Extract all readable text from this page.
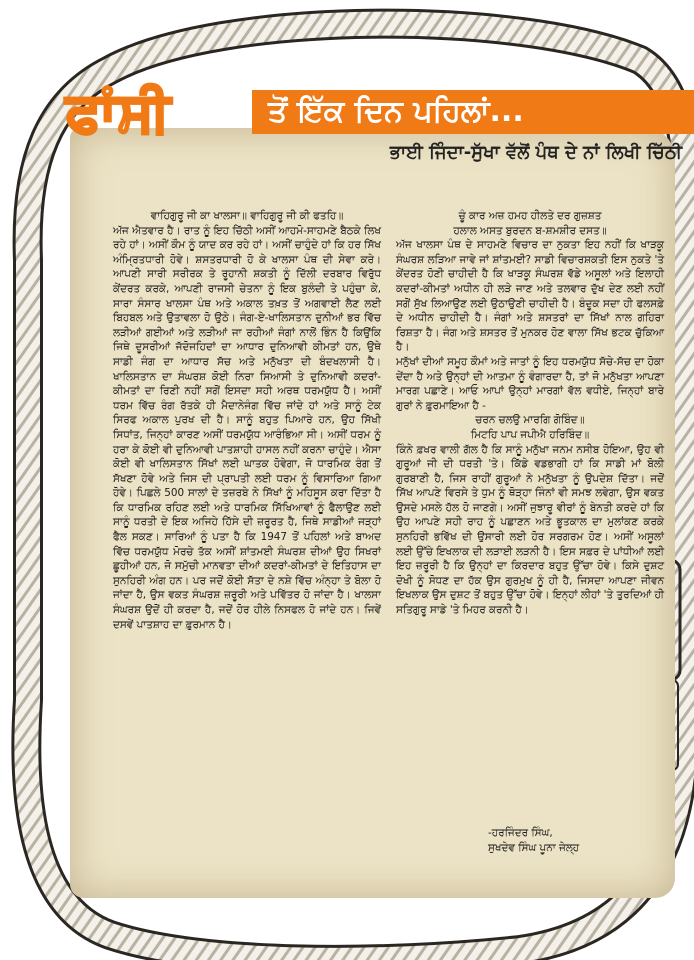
ਫਾਂਸੀ	ਤੋਂ ਇੱਕ ਦਿਨ ਪਹਿਲਾਂ...
ਭਾਈ ਜਿੰਦਾ-ਸੁੱਖਾ ਵੱਲੋਂ ਪੰਥ ਦੇ ਨਾਂ ਲਿਖੀ ਚਿੱਠੀ

ਵਾਹਿਗੁਰੂ ਜੀ ਕਾ ਖਾਲਸਾ॥ ਵਾਹਿਗੁਰੂ ਜੀ ਕੀ ਫਤਹਿ॥

ਅੱਜ ਐਤਵਾਰ ਹੈ। ਰਾਤ ਨੂੰ ਇਹ ਚਿੱਠੀ ਅਸੀਂ ਆਹਮੋ-ਸਾਹਮਣੇ ਬੈਠਕੇ ਲਿਖ ਰਹੇ ਹਾਂ। ਅਸੀਂ ਕੌਮ ਨੂੰ ਯਾਦ ਕਰ ਰਹੇ ਹਾਂ। ਅਸੀਂ ਚਾਹੁੰਦੇ ਹਾਂ ਕਿ ਹਰ ਸਿੱਖ ਅੰਮ੍ਰਿਤਧਾਰੀ ਹੋਵੇ। ਸ਼ਸਤਰਧਾਰੀ ਹੋ ਕੇ ਖਾਲਸਾ ਪੰਥ ਦੀ ਸੇਵਾ ਕਰੇ। ਆਪਣੀ ਸਾਰੀ ਸਰੀਰਕ ਤੇ ਰੂਹਾਨੀ ਸ਼ਕਤੀ ਨੂੰ ਦਿੱਲੀ ਦਰਬਾਰ ਵਿਰੁੱਧ ਕੇਂਦਰਤ ਕਰਕੇ, ਆਪਣੀ ਰਾਜਸੀ ਚੇਤਨਾ ਨੂੰ ਇਕ ਬੁਲੰਦੀ ਤੇ ਪਹੁੰਚਾ ਕੇ, ਸਾਰਾ ਸੰਸਾਰ ਖਾਲਸਾ ਪੰਥ ਅਤੇ ਅਕਾਲ ਤਖ਼ਤ ਤੋਂ ਅਗਵਾਈ ਲੈਣ ਲਈ ਬਿਹਬਲ ਅਤੇ ਉਤਾਵਲਾ ਹੋ ਉਠੇ। ਜੰਗ-ਏ-ਖਾਲਿਸਤਾਨ ਦੁਨੀਆਂ ਭਰ ਵਿੱਚ ਲੜੀਆਂ ਗਈਆਂ ਅਤੇ ਲੜੀਆਂ ਜਾ ਰਹੀਆਂ ਜੰਗਾਂ ਨਾਲੋਂ ਭਿੰਨ ਹੈ ਕਿਉਂਕਿ ਜਿਥੇ ਦੂਸਰੀਆਂ ਜੱਦੋਜਹਿਦਾਂ ਦਾ ਆਧਾਰ ਦੁਨਿਆਵੀ ਕੀਮਤਾਂ ਹਨ, ਉਥੇ ਸਾਡੀ ਜੰਗ ਦਾ ਆਧਾਰ ਸੱਚ ਅਤੇ ਮਨੁੱਖਤਾ ਦੀ ਬੰਦਖਲਾਸੀ ਹੈ। ਖਾਲਿਸਤਾਨ ਦਾ ਸੰਘਰਸ਼ ਕੋਈ ਨਿਰਾ ਸਿਆਸੀ ਤੇ ਦੁਨਿਆਵੀ ਕਦਰਾਂ-ਕੀਮਤਾਂ ਦਾ ਰਿਣੀ ਨਹੀਂ ਸਗੋਂ ਇਸਦਾ ਸਹੀ ਅਰਥ ਧਰਮਯੁੱਧ ਹੈ। ਅਸੀਂ ਧਰਮ ਵਿੱਚ ਰੰਗ ਰੱਤਕੇ ਹੀ ਮੈਦਾਨੇਜੰਗ ਵਿੱਚ ਜਾਂਦੇ ਹਾਂ ਅਤੇ ਸਾਨੂੰ ਟੇਕ ਸਿਰਫ ਅਕਾਲ ਪੁਰਖ ਦੀ ਹੈ। ਸਾਨੂੰ ਬਹੁਤ ਪਿਆਰੇ ਹਨ, ਉਹ ਸਿੱਖੀ ਸਿਧਾਂਤ, ਜਿਨ੍ਹਾਂ ਕਾਰਣ ਅਸੀਂ ਧਰਮਯੁੱਧ ਆਰੰਭਿਆ ਸੀ। ਅਸੀਂ ਧਰਮ ਨੂੰ ਹਰਾ ਕੇ ਕੋਈ ਵੀ ਦੁਨਿਆਵੀ ਪਾਤਸ਼ਾਹੀ ਹਾਸਲ ਨਹੀਂ ਕਰਨਾ ਚਾਹੁੰਦੇ। ਐਸਾ ਕੋਈ ਵੀ ਖਾਲਿਸਤਾਨ ਸਿੱਖਾਂ ਲਈ ਘਾਤਕ ਹੋਵੇਗਾ, ਜੋ ਧਾਰਮਿਕ ਰੰਗ ਤੋਂ ਸੱਖਣਾ ਹੋਵੇ ਅਤੇ ਜਿਸ ਦੀ ਪ੍ਰਾਪਤੀ ਲਈ ਧਰਮ ਨੂੰ ਵਿਸਾਰਿਆ ਗਿਆ ਹੋਵੇ। ਪਿਛਲੇ 500 ਸਾਲਾਂ ਦੇ ਤਜ਼ਰਬੇ ਨੇ ਸਿੱਖਾਂ ਨੂੰ ਮਹਿਸੂਸ ਕਰਾ ਦਿੱਤਾ ਹੈ ਕਿ ਧਾਰਮਿਕ ਰਹਿਣ ਲਈ ਅਤੇ ਧਾਰਮਿਕ ਸਿੱਖਿਆਵਾਂ ਨੂੰ ਫੈਲਾਉਣ ਲਈ ਸਾਨੂੰ ਧਰਤੀ ਦੇ ਇਕ ਅਜਿਹੇ ਹਿੱਸੇ ਦੀ ਜ਼ਰੂਰਤ ਹੈ, ਜਿਥੇ ਸਾਡੀਆਂ ਜੜ੍ਹਾਂ ਫੈਲ ਸਕਣ। ਸਾਰਿਆਂ ਨੂੰ ਪਤਾ ਹੈ ਕਿ 1947 ਤੋਂ ਪਹਿਲਾਂ ਅਤੇ ਬਾਅਦ ਵਿੱਚ ਧਰਮਯੁੱਧ ਮੋਰਚੇ ਤੱਕ ਅਸੀਂ ਸ਼ਾਂਤਮਈ ਸੰਘਰਸ਼ ਦੀਆਂ ਉਹ ਸਿਖਰਾਂ ਛੂਹੀਆਂ ਹਨ, ਜੋ ਸਮੁੱਚੀ ਮਾਨਵਤਾ ਦੀਆਂ ਕਦਰਾਂ-ਕੀਮਤਾਂ ਦੇ ਇਤਿਹਾਸ ਦਾ ਸੁਨਹਿਰੀ ਅੰਗ ਹਨ। ਪਰ ਜਦੋਂ ਕੋਈ ਸੱਤਾ ਦੇ ਨਸ਼ੇ ਵਿੱਚ ਅੰਨ੍ਹਾ ਤੇ ਬੋਲਾ ਹੋ ਜਾਂਦਾ ਹੈ, ਉਸ ਵਕਤ ਸੰਘਰਸ਼ ਜ਼ਰੂਰੀ ਅਤੇ ਪਵਿੱਤਰ ਹੋ ਜਾਂਦਾ ਹੈ। ਖਾਲਸਾ ਸੰਘਰਸ਼ ਉਦੋਂ ਹੀ ਕਰਦਾ ਹੈ, ਜਦੋਂ ਹੋਰ ਹੀਲੇ ਨਿਸਫਲ ਹੋ ਜਾਂਦੇ ਹਨ। ਜਿਵੇਂ ਦਸਵੇਂ ਪਾਤਸ਼ਾਹ ਦਾ ਫ਼ੁਰਮਾਨ ਹੈ।

ਚੂੰ ਕਾਰ ਅਜ਼ ਹਮਹ ਹੀਲਤੇ ਦਰ ਗੁਜ਼ਸ਼ਤ

ਹਲਾਲ ਅਸਤ ਬੁਰਦਨ ਬ-ਸ਼ਮਸ਼ੀਰ ਦਸਤ॥

ਅੱਜ ਖਾਲਸਾ ਪੰਥ ਦੇ ਸਾਹਮਣੇ ਵਿਚਾਰ ਦਾ ਨੁਕਤਾ ਇਹ ਨਹੀਂ ਕਿ ਖਾੜਕੂ ਸੰਘਰਸ਼ ਲੜਿਆ ਜਾਵੇ ਜਾਂ ਸ਼ਾਂਤਮਈ? ਸਾਡੀ ਵਿਚਾਰਸ਼ਕਤੀ ਇਸ ਨੁਕਤੇ 'ਤੇ ਕੇਂਦਰਤ ਹੋਣੀ ਚਾਹੀਦੀ ਹੈ ਕਿ ਖਾੜਕੂ ਸੰਘਰਸ਼ ਵੱਡੇ ਅਸੂਲਾਂ ਅਤੇ ਇਲਾਹੀ ਕਦਰਾਂ-ਕੀਮਤਾਂ ਅਧੀਨ ਹੀ ਲੜੇ ਜਾਣ ਅਤੇ ਤਲਵਾਰ ਦੁੱਖ ਦੇਣ ਲਈ ਨਹੀਂ ਸਗੋਂ ਸੁੱਖ ਲਿਆਉਣ ਲਈ ਉਠਾਉਣੀ ਚਾਹੀਦੀ ਹੈ। ਬੰਦੂਕ ਸਦਾ ਹੀ ਫਲਸਫ਼ੇ ਦੇ ਅਧੀਨ ਚਾਹੀਦੀ ਹੈ। ਜੰਗਾਂ ਅਤੇ ਸ਼ਸਤਰਾਂ ਦਾ ਸਿੱਖਾਂ ਨਾਲ ਗਹਿਰਾ ਰਿਸ਼ਤਾ ਹੈ। ਜੰਗ ਅਤੇ ਸ਼ਸਤਰ ਤੋਂ ਮੁਨਕਰ ਹੋਣ ਵਾਲਾ ਸਿੱਖ ਭਟਕ ਚੁੱਕਿਆ ਹੈ।

ਮਨੁੱਖਾਂ ਦੀਆਂ ਸਮੂਹ ਕੌਮਾਂ ਅਤੇ ਜਾਤਾਂ ਨੂੰ ਇਹ ਧਰਮਯੁੱਧ ਸੱਚੇ-ਸੱਚ ਦਾ ਹੋਕਾ ਦੇਂਦਾ ਹੈ ਅਤੇ ਉਨ੍ਹਾਂ ਦੀ ਆਤਮਾ ਨੂੰ ਵੰਗਾਰਦਾ ਹੈ, ਤਾਂ ਜੋ ਮਨੁੱਖਤਾ ਆਪਣਾ ਮਾਰਗ ਪਛਾਣੇ। ਆਓ ਆਪਾਂ ਉਨ੍ਹਾਂ ਮਾਰਗਾਂ ਵੱਲ ਵਧੀਏ, ਜਿਨ੍ਹਾਂ ਬਾਰੇ ਗੁਰਾਂ ਨੇ ਫ਼ੁਰਮਾਇਆ ਹੈ -

ਚਰਨ ਚਲਉ ਮਾਰਗਿ ਗੋਬਿੰਦ॥

ਮਿਟਹਿ ਪਾਪ ਜਪੀਐ ਹਰਿਬਿੰਦ॥

ਕਿੰਨੇ ਫ਼ਖਰ ਵਾਲੀ ਗੱਲ ਹੈ ਕਿ ਸਾਨੂੰ ਮਨੁੱਖਾ ਜਨਮ ਨਸੀਬ ਹੋਇਆ, ਉਹ ਵੀ ਗੁਰੂਆਂ ਜੀ ਦੀ ਧਰਤੀ 'ਤੇ। ਕਿੱਡੇ ਵਡਭਾਗੀ ਹਾਂ ਕਿ ਸਾਡੀ ਮਾਂ ਬੋਲੀ ਗੁਰਬਾਣੀ ਹੈ, ਜਿਸ ਰਾਹੀਂ ਗੁਰੂਆਂ ਨੇ ਮਨੁੱਖਤਾ ਨੂੰ ਉਪਦੇਸ਼ ਦਿੱਤਾ। ਜਦੋਂ ਸਿੱਖ ਆਪਣੇ ਵਿਰਸੇ ਤੇ ਧੁਮ ਨੂੰ ਥੋੜ੍ਹਾ ਜਿੰਨਾਂ ਵੀ ਸਮਝ ਲਵੇਗਾ, ਉਸ ਵਕਤ ਉਸਦੇ ਮਸਲੇ ਹੱਲ ਹੋ ਜਾਣਗੇ। ਅਸੀਂ ਜੁਝਾਰੂ ਵੀਰਾਂ ਨੂੰ ਬੇਨਤੀ ਕਰਦੇ ਹਾਂ ਕਿ ਉਹ ਆਪਣੇ ਸਹੀ ਰਾਹ ਨੂੰ ਪਛਾਣਨ ਅਤੇ ਭੂਤਕਾਲ ਦਾ ਮੁਲਾਂਕਣ ਕਰਕੇ ਸੁਨਹਿਰੀ ਭਵਿੱਖ ਦੀ ਉਸਾਰੀ ਲਈ ਹੋਰ ਸਰਗਰਮ ਹੋਣ। ਅਸੀਂ ਅਸੂਲਾਂ ਲਈ ਉੱਚੇ ਇਖਲਾਕ ਦੀ ਲੜਾਈ ਲੜਨੀ ਹੈ। ਇਸ ਸਫ਼ਰ ਦੇ ਪਾਂਧੀਆਂ ਲਈ ਇਹ ਜ਼ਰੂਰੀ ਹੈ ਕਿ ਉਨ੍ਹਾਂ ਦਾ ਕਿਰਦਾਰ ਬਹੁਤ ਉੱਚਾ ਹੋਵੇ। ਕਿਸੇ ਦੁਸ਼ਟ ਦੋਖੀ ਨੂੰ ਸੋਧਣ ਦਾ ਹੱਕ ਉਸ ਗੁਰਮੁਖ ਨੂੰ ਹੀ ਹੈ, ਜਿਸਦਾ ਆਪਣਾ ਜੀਵਨ ਇਖਲਾਕ ਉਸ ਦੁਸ਼ਟ ਤੋਂ ਬਹੁਤ ਉੱਚਾ ਹੋਵੇ। ਇਨ੍ਹਾਂ ਲੀਹਾਂ 'ਤੇ ਤੁਰਦਿਆਂ ਹੀ ਸਤਿਗੁਰੂ ਸਾਡੇ 'ਤੇ ਮਿਹਰ ਕਰਨੀ ਹੈ।

-ਹਰਜਿੰਦਰ ਸਿੰਘ,
ਸੁਖਦੇਵ ਸਿੰਘ ਪੂਨਾ ਜੇਲ੍ਹ
